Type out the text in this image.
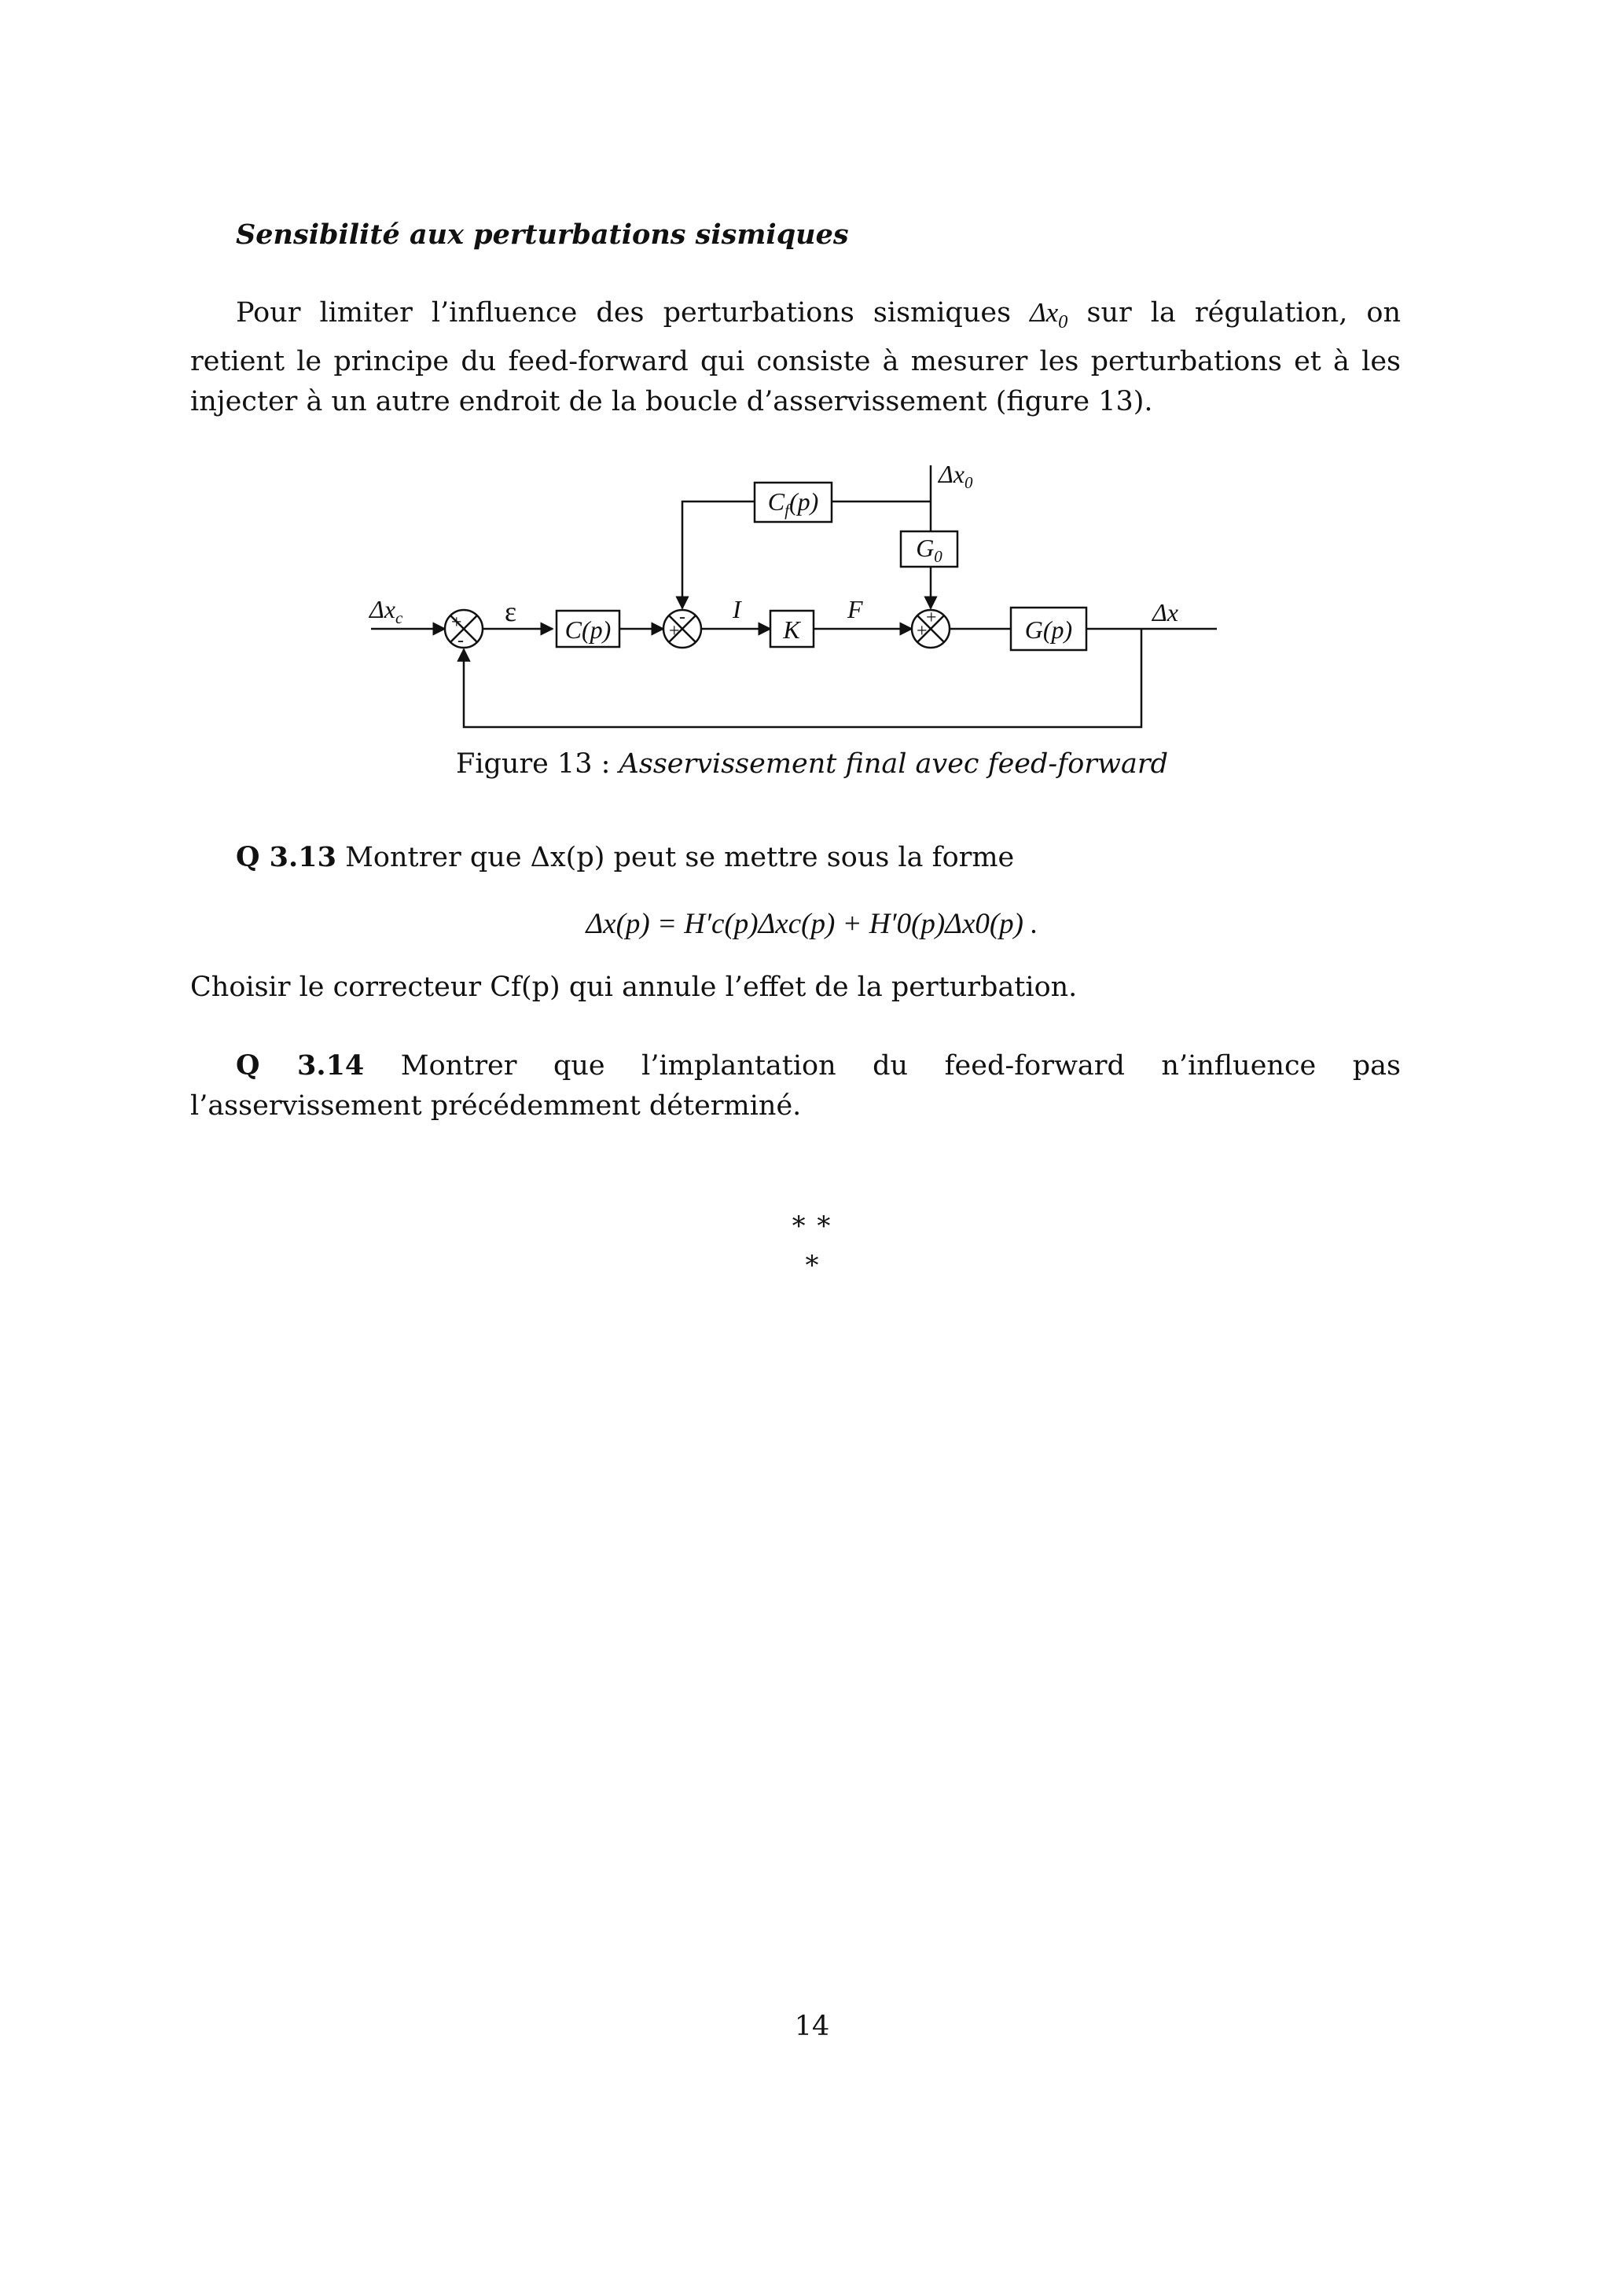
Sensibilité aux perturbations sismiques
Pour limiter l’influence des perturbations sismiques $\Delta x_0$ sur la régulation, on retient le principe du feed-forward qui consiste à mesurer les perturbations et à les injecter à un autre endroit de la boucle d’asservissement (figure 13).
C(p)	K	G(p)
$G_0$
$C_f(p)$
$\Delta x_c$	ε	I	F	Δx
$\Delta x_0$
+
-	+
-
+
+
Figure 13 : Asservissement final avec feed-forward
Q 3.13 Montrer que Δx(p) peut se mettre sous la forme
Δx(p) = H′c(p)Δxc(p) + H′0(p)Δx0(p) .
Choisir le correcteur Cf(p) qui annule l’effet de la perturbation.
Q 3.14 Montrer que l’implantation du feed-forward n’influence pas l’asservissement précédemment déterminé.
* *
*
14
